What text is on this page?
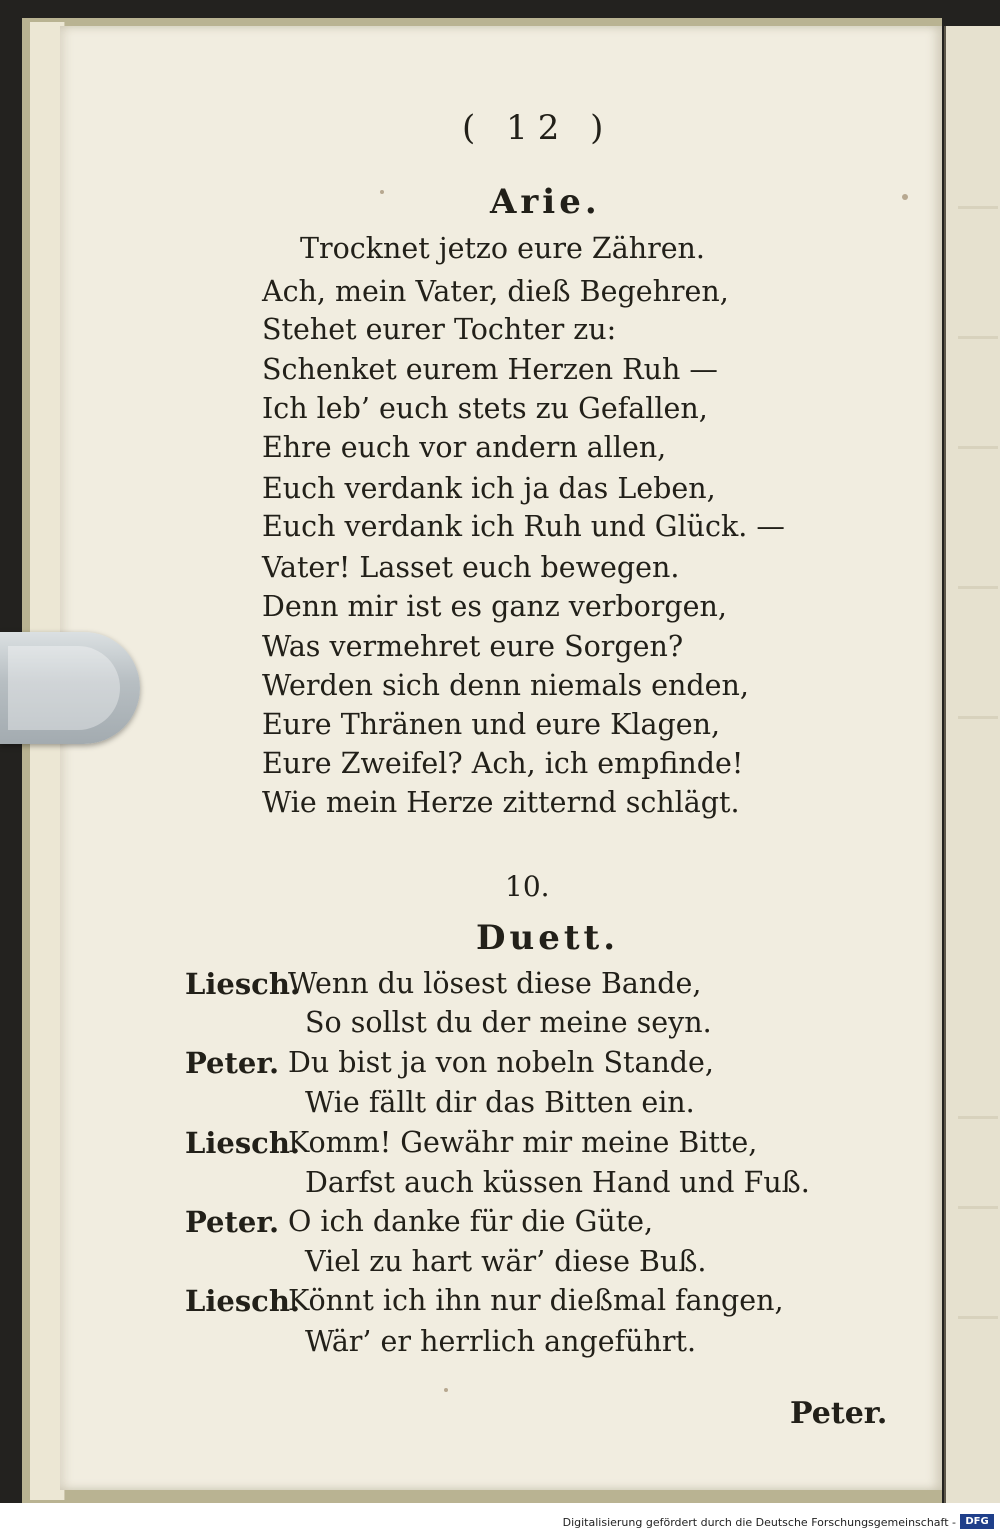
( 12 )
Arie.
Trocknet jetzo eure Zähren.
Ach, mein Vater, dieß Begehren,
Stehet eurer Tochter zu:
Schenket eurem Herzen Ruh —
Ich leb’ euch stets zu Gefallen,
Ehre euch vor andern allen,
Euch verdank ich ja das Leben,
Euch verdank ich Ruh und Glück. —
Vater! Lasset euch bewegen.
Denn mir ist es ganz verborgen,
Was vermehret eure Sorgen?
Werden sich denn niemals enden,
Eure Thränen und eure Klagen,
Eure Zweifel? Ach, ich empfinde!
Wie mein Herze zitternd schlägt.
10.
Duett.
Liesch.
Wenn du lösest diese Bande,
So sollst du der meine seyn.
Peter. Du bist ja von nobeln Stande,
Wie fällt dir das Bitten ein.
Liesch.
Komm! Gewähr mir meine Bitte,
Darfst auch küssen Hand und Fuß.
Peter. O ich danke für die Güte,
Viel zu hart wär’ diese Buß.
Liesch.
Könnt ich ihn nur dießmal fangen,
Wär’ er herrlich angeführt.
Peter.
Digitalisierung gefördert durch die Deutsche Forschungsgemeinschaft - DFG
